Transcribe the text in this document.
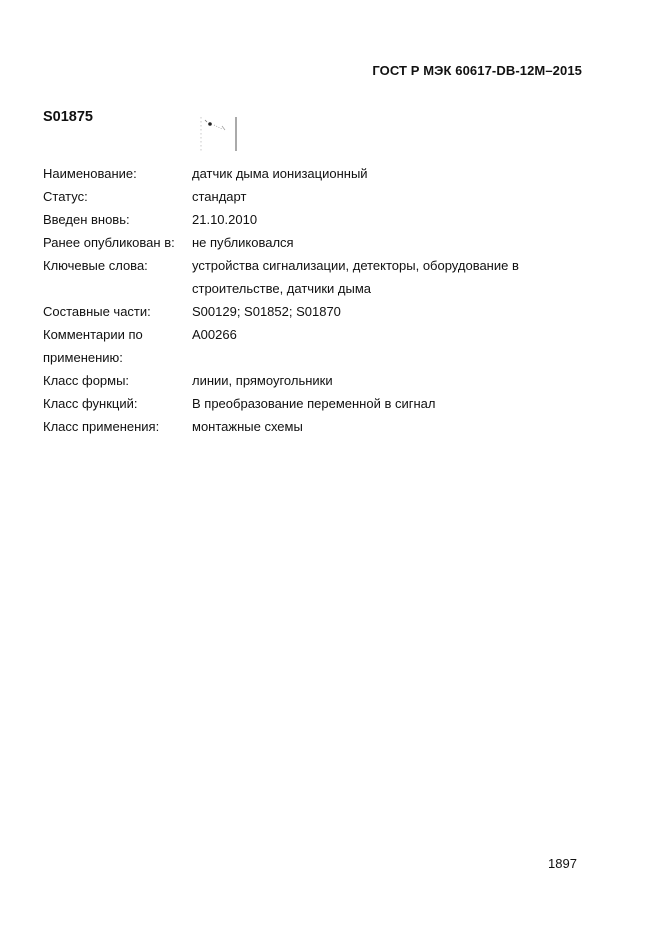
ГОСТ Р МЭК 60617-DB-12M–2015
S01875
Наименование:	датчик дыма ионизационный
Статус:	стандарт
Введен вновь:	21.10.2010
Ранее опубликован в:	не публиковался
Ключевые слова:	устройства сигнализации, детекторы, оборудование в строительстве, датчики дыма
Составные части:	S00129; S01852; S01870
Комментарии по применению:
A00266
Класс формы:	линии, прямоугольники
Класс функций:	B преобразование переменной в сигнал
Класс применения:	монтажные схемы
1897
